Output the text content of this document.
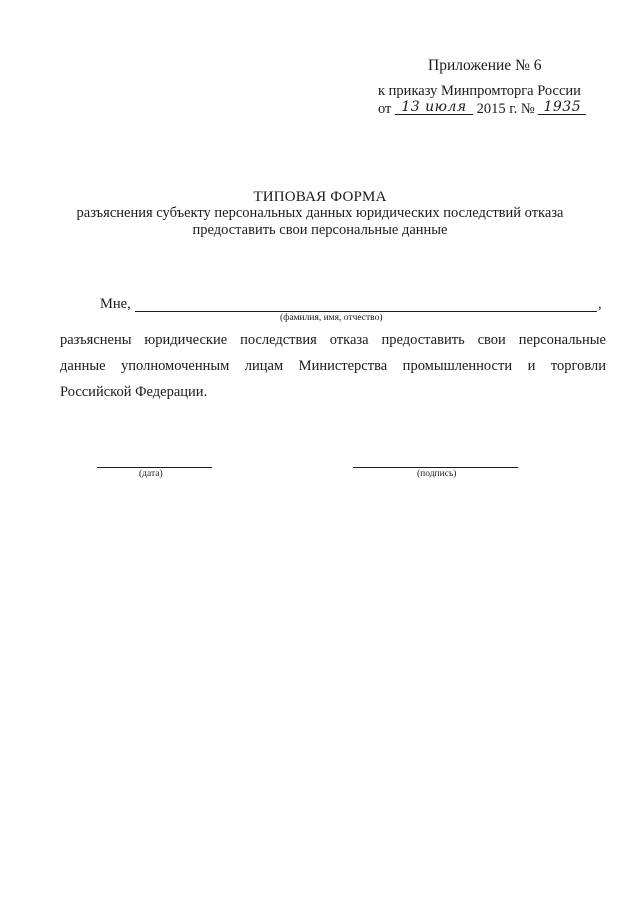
Приложение № 6
к приказу Минпромторга России
от 13 июля 2015 г. № 1935
ТИПОВАЯ ФОРМА
разъяснения субъекту персональных данных юридических последствий отказа
предоставить свои персональные данные
Мне,	,
(фамилия, имя, отчество)
разъяснены юридические последствия отказа предоставить свои персональные
данные уполномоченным лицам Министерства промышленности и торговли
Российской Федерации.
(дата)	(подпись)
